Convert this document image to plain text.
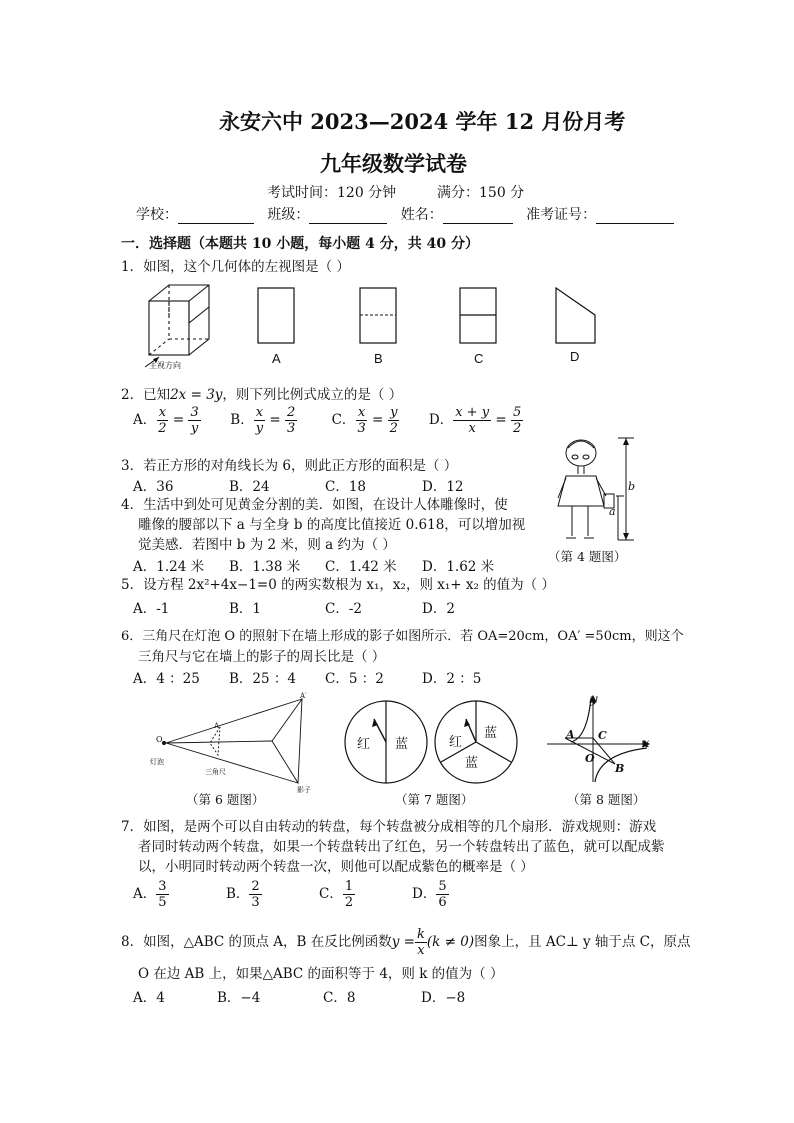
永安六中 2023—2024 学年 12 月份月考
九年级数学试卷
考试时间：120 分钟	满分：150 分
学校：	班级：	姓名：	准考证号：
一．选择题（本题共 10 小题，每小题 4 分，共 40 分）
1．如图，这个几何体的左视图是（ ）
主视方向	A	B	C	D
2．已知2x = 3y，则下列比例式成立的是（ ）
A． $\frac{x}{2} = \frac{3}{y}$ B． $\frac{x}{y} = \frac{2}{3}$	C． $\frac{x}{3} = \frac{y}{2}$ D． $\frac{x + y}{x} = \frac{5}{2}$
3．若正方形的对角线长为 6，则此正方形的面积是（ ）
A．36	B．24	C．18	D．12
4．生活中到处可见黄金分割的美．如图，在设计人体雕像时，使
雕像的腰部以下 a 与全身 b 的高度比值接近 0.618，可以增加视
觉美感．若图中 b 为 2 米，则 a 约为（ ）
A．1.24 米 B．1.38 米 C．1.42 米 D．1.62 米
b
a
（第 4 题图）
5．设方程 2x²+4x−1=0 的两实数根为 x₁，x₂，则 x₁+ x₂ 的值为（ ）
A．-1	B．1	C．-2	D．2
6．三角尺在灯泡 O 的照射下在墙上形成的影子如图所示．若 OA=20cm，OA′ =50cm，则这个
三角尺与它在墙上的影子的周长比是（ ）
A．4 ：25 B．25 ：4 C．5 ：2	D．2 ：5
O
灯泡
三角尺
影子
A′
A
（第 6 题图）
红 蓝	红
蓝
蓝
（第 7 题图）
y
x
A C
O
B
（第 8 题图）
7．如图，是两个可以自由转动的转盘，每个转盘被分成相等的几个扇形．游戏规则：游戏
者同时转动两个转盘，如果一个转盘转出了红色，另一个转盘转出了蓝色，就可以配成紫
以，小明同时转动两个转盘一次，则他可以配成紫色的概率是（ ）
A． $\frac{3}{5}$	B． $\frac{2}{3}$	C． $\frac{1}{2}$	D． $\frac{5}{6}$
8．如图，△ABC 的顶点 A，B 在反比例函数$y = \frac{k}{x} (k \ne 0)$图象上，且 AC⊥ y 轴于点 C，原点
O 在边 AB 上，如果△ABC 的面积等于 4，则 k 的值为（ ）
A．4	B．−4	C．8	D．−8
